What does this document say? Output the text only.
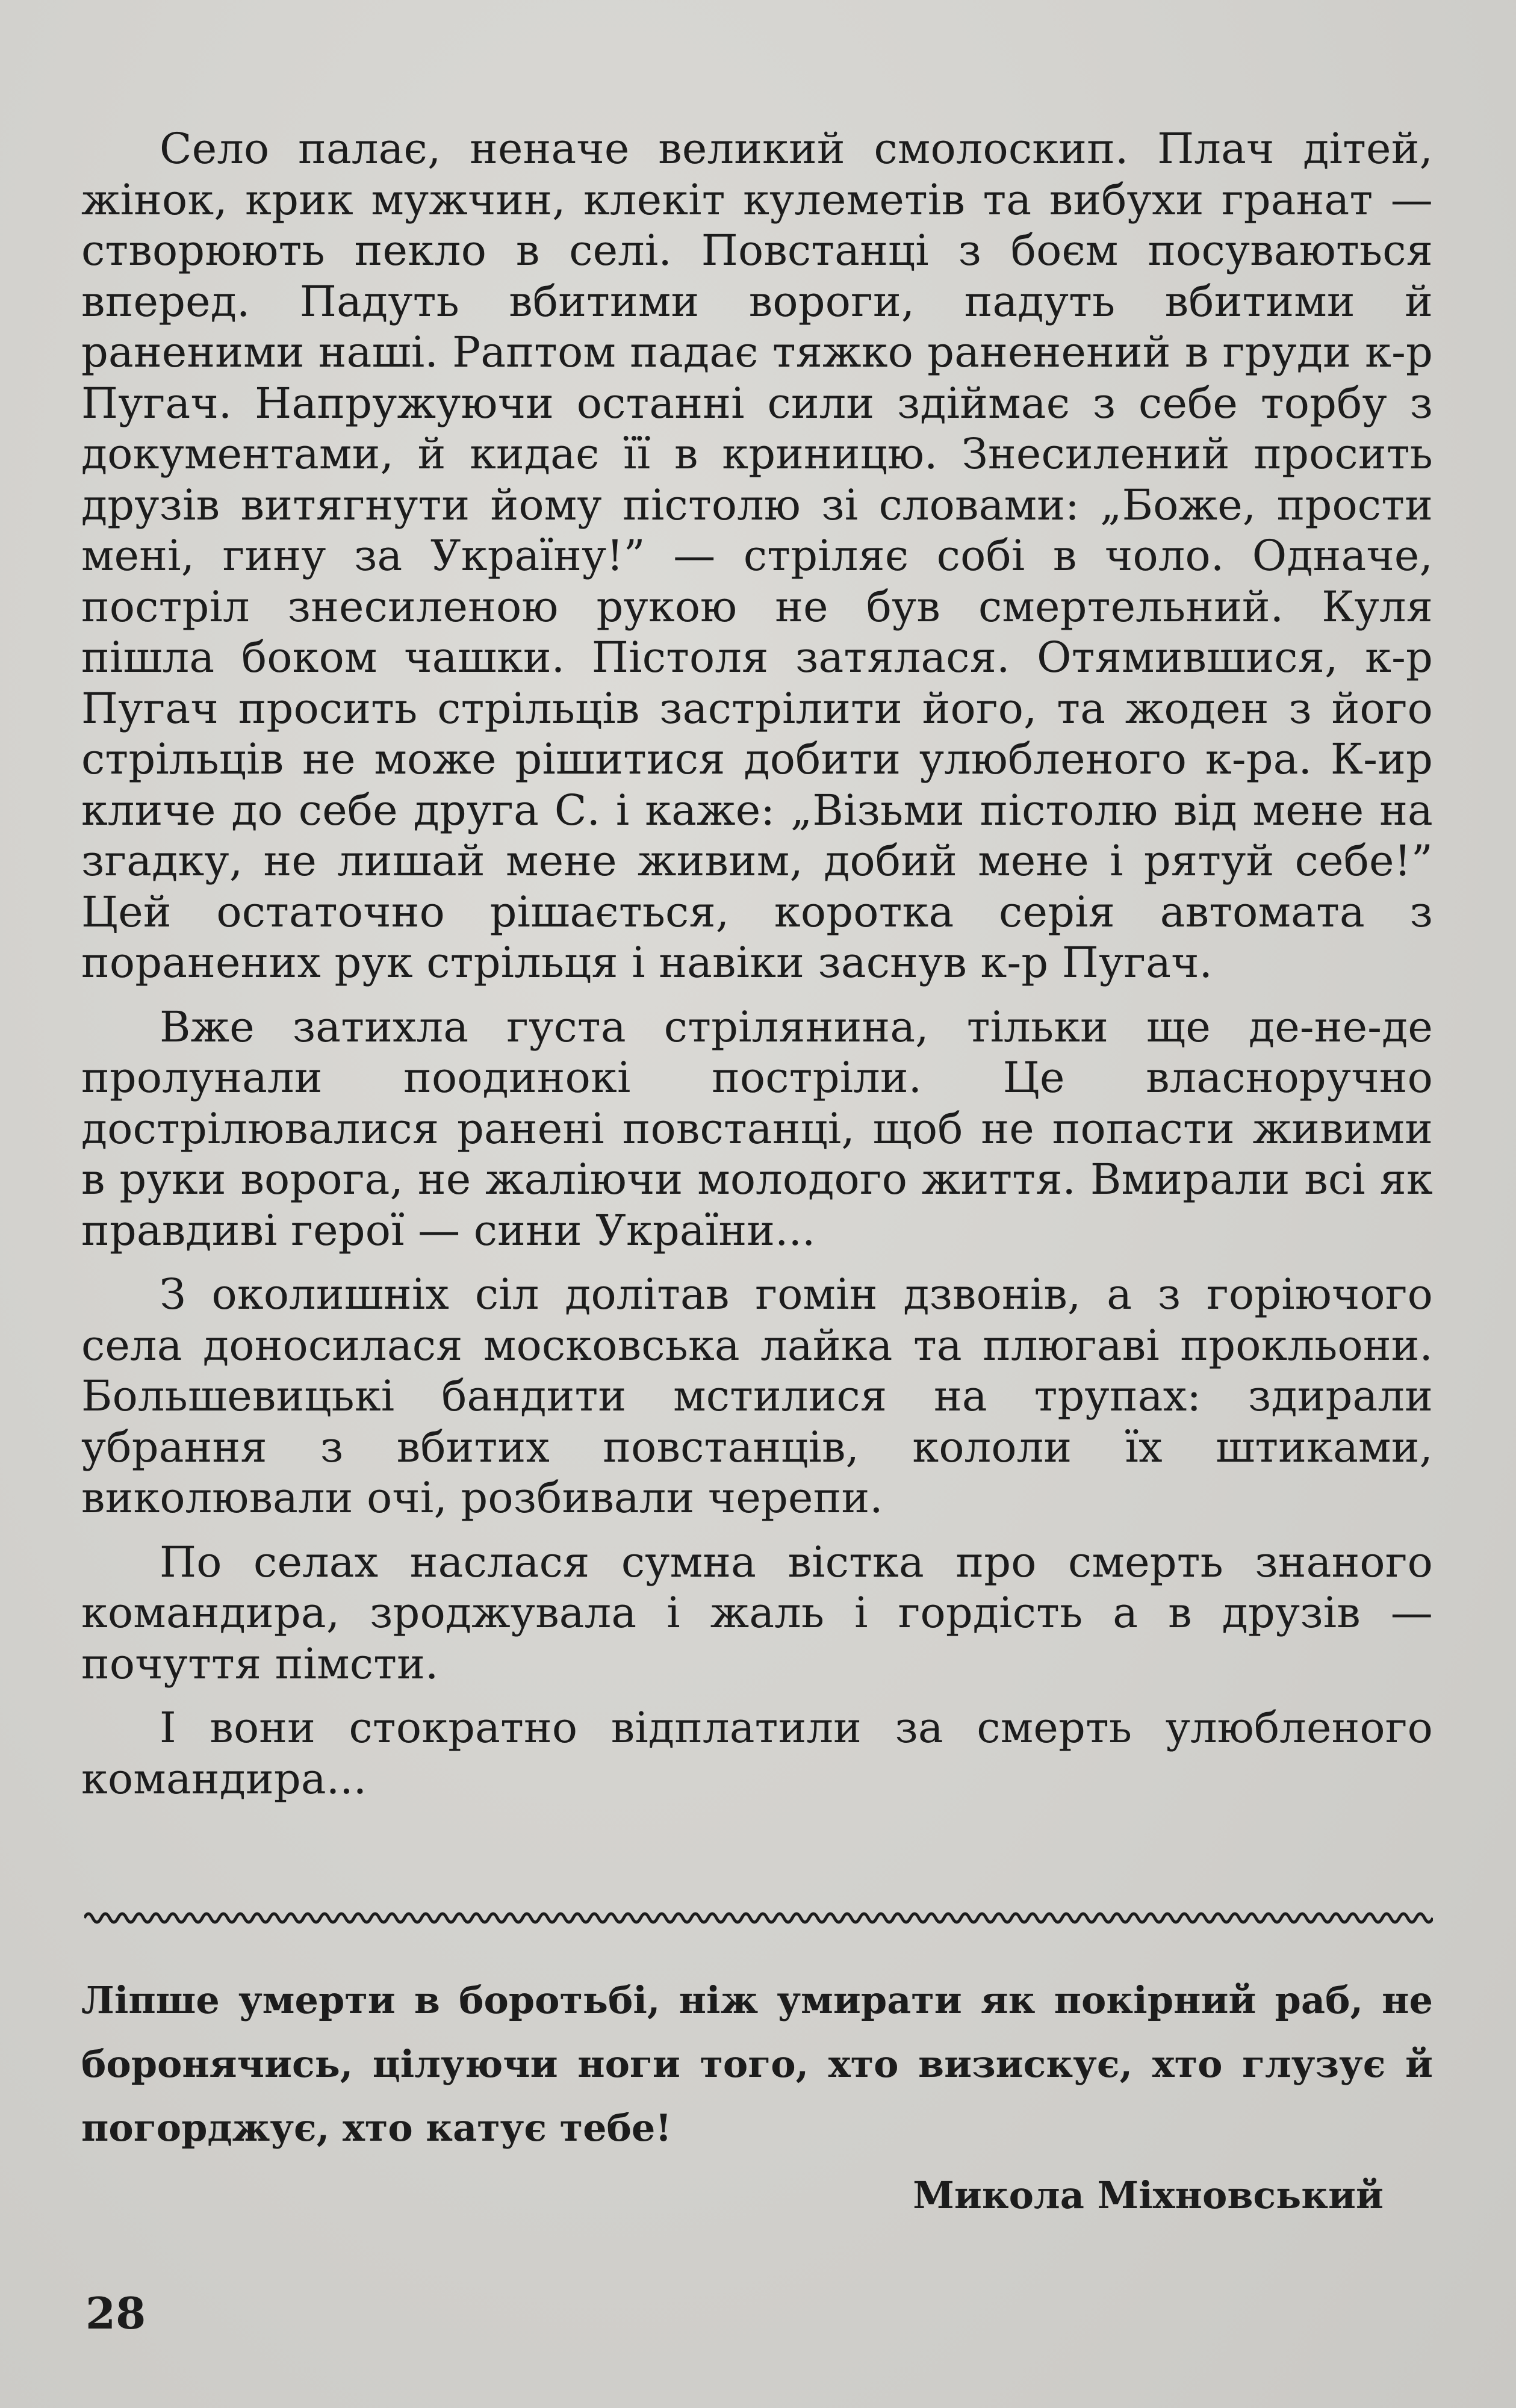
Село палає, неначе великий смолоскип. Плач дітей, жінок, крик мужчин, клекіт кулеметів та вибухи гранат — створюють пекло в селі. Повстанці з боєм посуваються вперед. Падуть вбитими вороги, падуть вбитими й раненими наші. Раптом падає тяжко раненений в груди к-р Пугач. Напружуючи останні сили здіймає з себе торбу з документами, й кидає її в криницю. Знесилений просить друзів витягнути йому пістолю зі словами: „Боже, прости мені, гину за Україну!” — стріляє собі в чоло. Одначе, постріл знесиленою рукою не був смертельний. Куля пішла боком чашки. Пістоля затялася. Отямившися, к-р Пугач просить стрільців застрілити його, та жоден з його стрільців не може рішитися добити улюбленого к-ра. К-ир кличе до себе друга С. і каже: „Візьми пістолю від мене на згадку, не лишай мене живим, добий мене і рятуй себе!” Цей остаточно рішається, коротка серія автомата з поранених рук стрільця і навіки заснув к-р Пугач.

Вже затихла густа стрілянина, тільки ще де-не-де пролунали поодинокі постріли. Це власноручно дострілювалися ранені повстанці, щоб не попасти живими в руки ворога, не жаліючи молодого життя. Вмирали всі як правдиві герої — сини України...

З околишніх сіл долітав гомін дзвонів, а з горіючого села доносилася московська лайка та плюгаві прокльони. Большевицькі бандити мстилися на трупах: здирали убрання з вбитих повстанців, кололи їх штиками, виколювали очі, розбивали черепи.

По селах наслася сумна вістка про смерть знаного командира, зроджувала і жаль і гордість а в друзів — почуття пімсти.

І вони стократно відплатили за смерть улюбленого командира...

Ліпше умерти в боротьбі, ніж умирати як покірний раб, не боронячись, цілуючи ноги того, хто визискує, хто глузує й погорджує, хто катує тебе!
Микола Міхновський
28
